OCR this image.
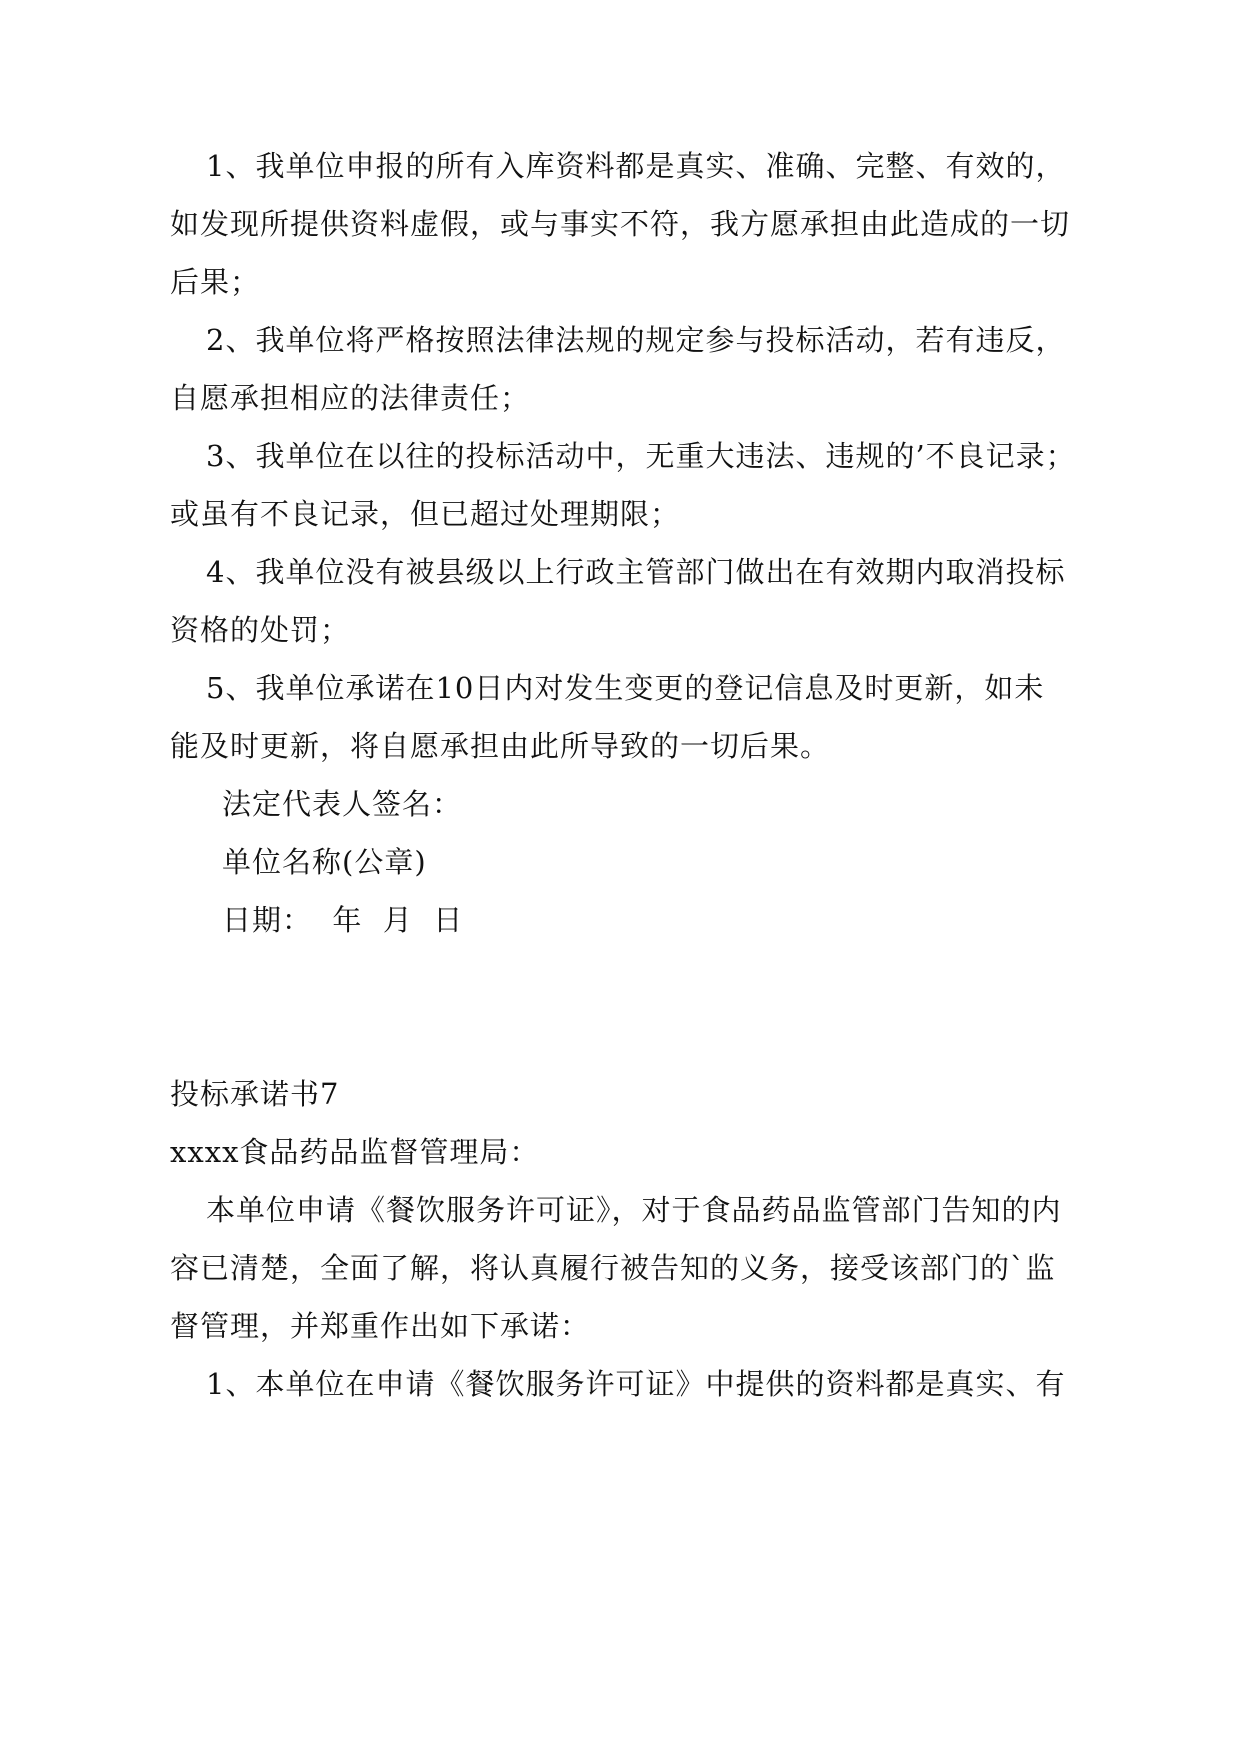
1、我单位申报的所有入库资料都是真实、准确、完整、有效的，
如发现所提供资料虚假，或与事实不符，我方愿承担由此造成的一切
后果；
2、我单位将严格按照法律法规的规定参与投标活动，若有违反，
自愿承担相应的法律责任；
3、我单位在以往的投标活动中，无重大违法、违规的’不良记录；
或虽有不良记录，但已超过处理期限；
4、我单位没有被县级以上行政主管部门做出在有效期内取消投标
资格的处罚；
5、我单位承诺在10日内对发生变更的登记信息及时更新，如未
能及时更新，将自愿承担由此所导致的一切后果。
法定代表人签名：
单位名称(公章)
日期：  年  月  日
投标承诺书7
xxxx食品药品监督管理局：
本单位申请《餐饮服务许可证》，对于食品药品监管部门告知的内
容已清楚，全面了解，将认真履行被告知的义务，接受该部门的`监
督管理，并郑重作出如下承诺：
1、本单位在申请《餐饮服务许可证》中提供的资料都是真实、有
